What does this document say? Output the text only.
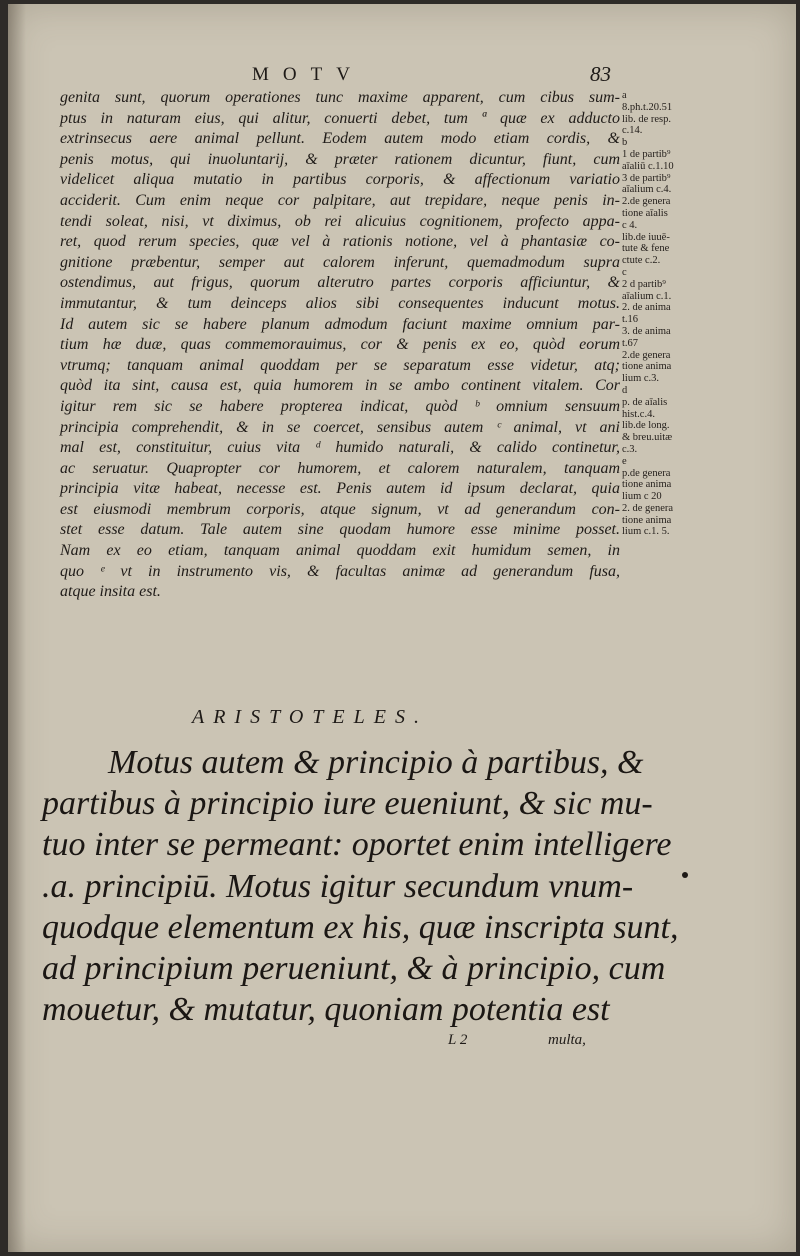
MOTV	83
genita sunt, quorum operationes tunc maxime apparent, cum cibus sum-
ptus in naturam eius, qui alitur, conuerti debet, tum ª quæ ex adducto
extrinsecus aere animal pellunt. Eodem autem modo etiam cordis, &
penis motus, qui inuoluntarij, & præter rationem dicuntur, fiunt, cum
videlicet aliqua mutatio in partibus corporis, & affectionum variatio
acciderit. Cum enim neque cor palpitare, aut trepidare, neque penis in-
tendi soleat, nisi, vt diximus, ob rei alicuius cognitionem, profecto appa-
ret, quod rerum species, quæ vel à rationis notione, vel à phantasiæ co-
gnitione præbentur, semper aut calorem inferunt, quemadmodum supra
ostendimus, aut frigus, quorum alterutro partes corporis afficiuntur, &
immutantur, & tum deinceps alios sibi consequentes inducunt motus.
Id autem sic se habere planum admodum faciunt maxime omnium par-
tium hæ duæ, quas commemorauimus, cor & penis ex eo, quòd eorum
vtrumq; tanquam animal quoddam per se separatum esse videtur, atq;
quòd ita sint, causa est, quia humorem in se ambo continent vitalem. Cor
igitur rem sic se habere propterea indicat, quòd ᵇ omnium sensuum
principia comprehendit, & in se coercet, sensibus autem ᶜ animal, vt ani
mal est, constituitur, cuius vita ᵈ humido naturali, & calido continetur,
ac seruatur. Quapropter cor humorem, et calorem naturalem, tanquam
principia vitæ habeat, necesse est. Penis autem id ipsum declarat, quia
est eiusmodi membrum corporis, atque signum, vt ad generandum con-
stet esse datum. Tale autem sine quodam humore esse minime posset.
Nam ex eo etiam, tanquam animal quoddam exit humidum semen, in
quo ᵉ vt in instrumento vis, & facultas animæ ad generandum fusa,
atque insita est.
a
8.ph.t.20.51
lib. de resp.
c.14.
b
1 de partib⁹
aīaliū c.1.10
3 de partib⁹
aīalium c.4.
2.de genera
tione aīalis
c 4.
lib.de iuuē-
tute & fene
ctute c.2.
c
2 d partib⁹
aīalium c.1.
2. de anima
t.16
3. de anima
t.67
2.de genera
tione anima
lium c.3.
d
p. de aīalis
hist.c.4.
lib.de long.
& breu.uitæ
c.3.
e
p.de genera
tione anima
lium c 20
2. de genera
tione anima
lium c.1. 5.
ARISTOTELES.
Motus autem & principio à partibus, &
partibus à principio iure eueniunt, & sic mu-
tuo inter se permeant: oportet enim intelligere
.a. principiū. Motus igitur secundum vnum-
quodque elementum ex his, quæ inscripta sunt,
ad principium perueniunt, & à principio, cum
mouetur, & mutatur, quoniam potentia est
L 2	multa,
